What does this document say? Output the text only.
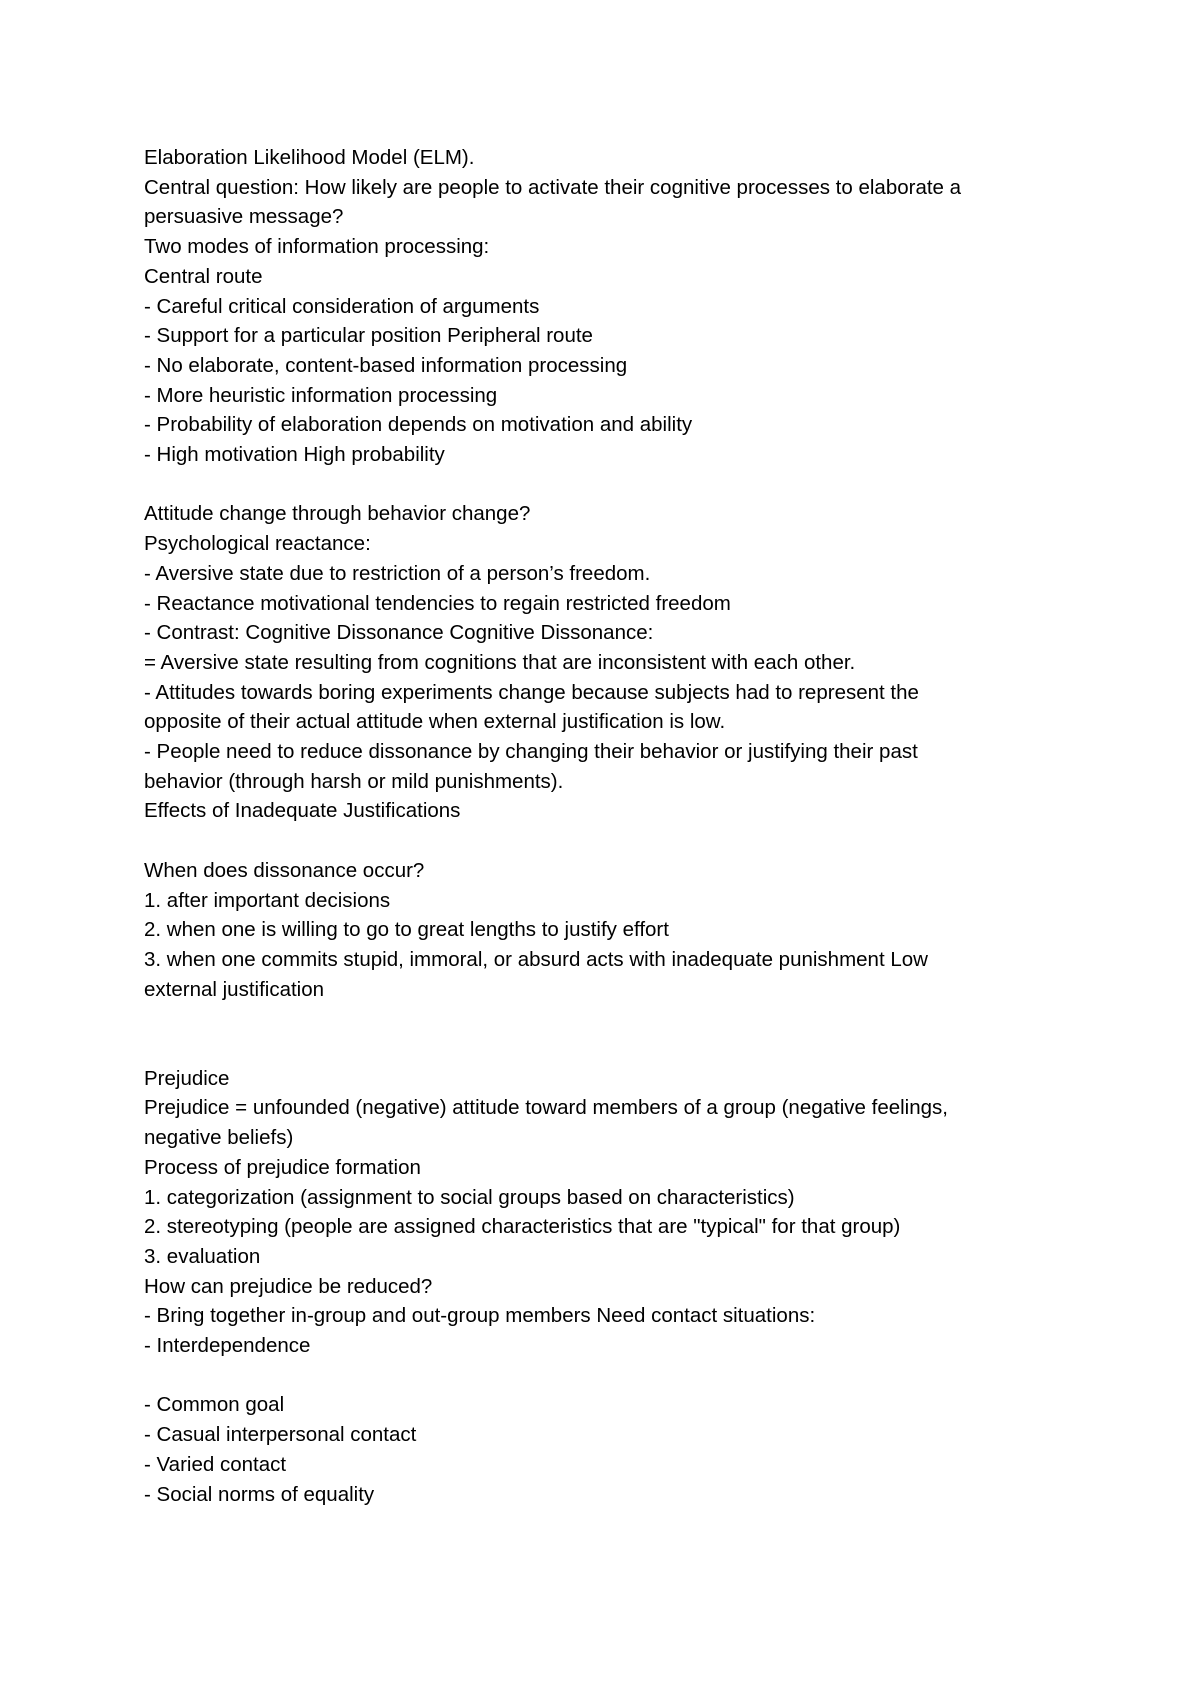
Elaboration Likelihood Model (ELM).
Central question: How likely are people to activate their cognitive processes to elaborate a
persuasive message?
Two modes of information processing:
Central route
- Careful critical consideration of arguments
- Support for a particular position Peripheral route
- No elaborate, content-based information processing
- More heuristic information processing
- Probability of elaboration depends on motivation and ability
- High motivation High probability
Attitude change through behavior change?
Psychological reactance:
- Aversive state due to restriction of a person’s freedom.
- Reactance motivational tendencies to regain restricted freedom
- Contrast: Cognitive Dissonance Cognitive Dissonance:
= Aversive state resulting from cognitions that are inconsistent with each other.
- Attitudes towards boring experiments change because subjects had to represent the
opposite of their actual attitude when external justification is low.
- People need to reduce dissonance by changing their behavior or justifying their past
behavior (through harsh or mild punishments).
Effects of Inadequate Justifications
When does dissonance occur?
1. after important decisions
2. when one is willing to go to great lengths to justify effort
3. when one commits stupid, immoral, or absurd acts with inadequate punishment Low
external justification
Prejudice
Prejudice = unfounded (negative) attitude toward members of a group (negative feelings,
negative beliefs)
Process of prejudice formation
1. categorization (assignment to social groups based on characteristics)
2. stereotyping (people are assigned characteristics that are "typical" for that group)
3. evaluation
How can prejudice be reduced?
- Bring together in-group and out-group members Need contact situations:
- Interdependence
- Common goal
- Casual interpersonal contact
- Varied contact
- Social norms of equality
